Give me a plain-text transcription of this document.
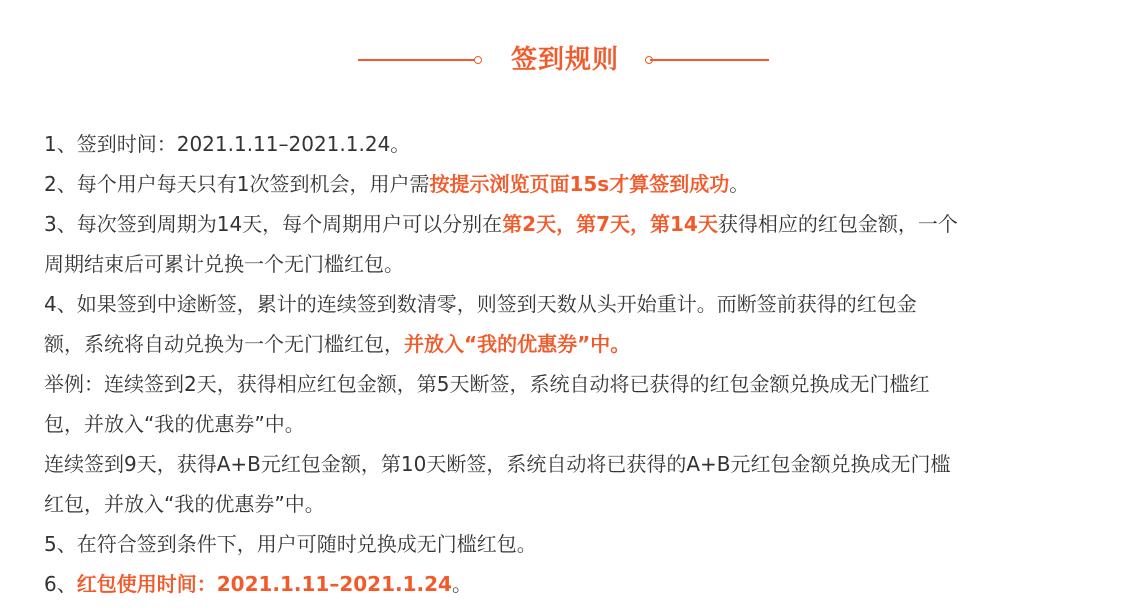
签到规则
1、签到时间：2021.1.11–2021.1.24。
2、每个用户每天只有1次签到机会，用户需按提示浏览页面15s才算签到成功。
3、每次签到周期为14天，每个周期用户可以分别在第2天，第7天，第14天获得相应的红包金额，一个
周期结束后可累计兑换一个无门槛红包。
4、如果签到中途断签，累计的连续签到数清零，则签到天数从头开始重计。而断签前获得的红包金
额，系统将自动兑换为一个无门槛红包，并放入“我的优惠券”中。
举例：连续签到2天，获得相应红包金额，第5天断签，系统自动将已获得的红包金额兑换成无门槛红
包，并放入“我的优惠券”中。
连续签到9天，获得A+B元红包金额，第10天断签，系统自动将已获得的A+B元红包金额兑换成无门槛
红包，并放入“我的优惠券”中。
5、在符合签到条件下，用户可随时兑换成无门槛红包。
6、红包使用时间：2021.1.11–2021.1.24。
